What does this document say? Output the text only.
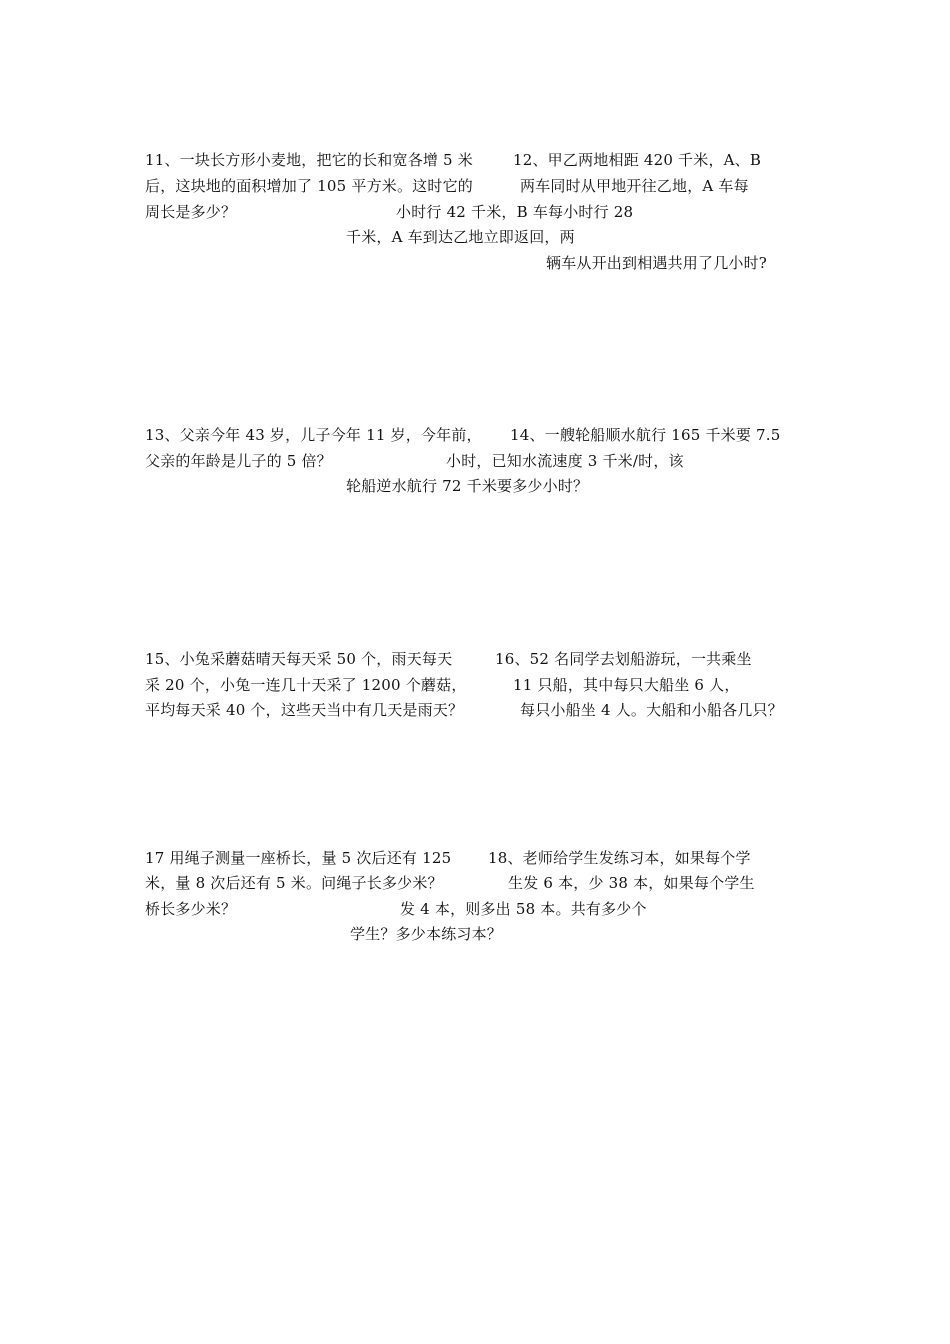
11、一块长方形小麦地，把它的长和宽各增 5 米
后，这块地的面积增加了 105 平方米。这时它的
周长是多少？
12、甲乙两地相距 420 千米，A、B
两车同时从甲地开往乙地，A 车每
小时行 42 千米，B 车每小时行 28
千米，A 车到达乙地立即返回，两
辆车从开出到相遇共用了几小时?
13、父亲今年 43 岁，儿子今年 11 岁，今年前，
父亲的年龄是儿子的 5 倍？
14、一艘轮船顺水航行 165 千米要 7.5
小时，已知水流速度 3 千米/时，该
轮船逆水航行 72 千米要多少小时？
15、小兔采蘑菇晴天每天采 50 个，雨天每天
采 20 个，小兔一连几十天采了 1200 个蘑菇，
平均每天采 40 个，这些天当中有几天是雨天？
16、52 名同学去划船游玩，一共乘坐
11 只船，其中每只大船坐 6 人，
每只小船坐 4 人。大船和小船各几只？
17 用绳子测量一座桥长，量 5 次后还有 125
米，量 8 次后还有 5 米。问绳子长多少米？
桥长多少米？
18、老师给学生发练习本，如果每个学
生发 6 本，少 38 本，如果每个学生
发 4 本，则多出 58 本。共有多少个
学生？多少本练习本？
